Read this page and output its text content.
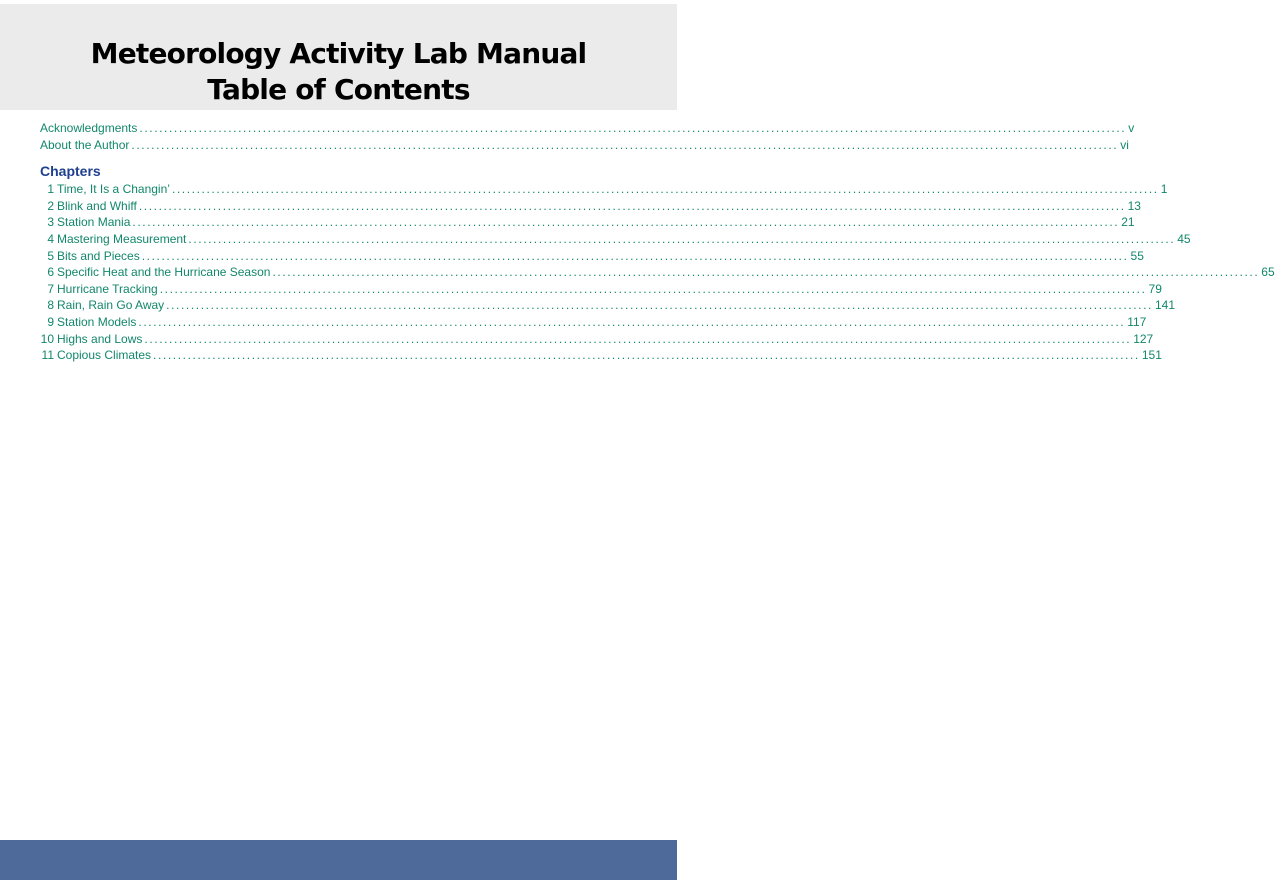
Meteorology Activity Lab Manual
Table of Contents
Acknowledgments ........................................................................................................................................................................................................ v
About the Author ........................................................................................................................................................................................................ vi
Chapters
1 Time, It Is a Changin’ ........................................................................................................................................................................................................ 1
2 Blink and Whiff ........................................................................................................................................................................................................ 13
3 Station Mania ........................................................................................................................................................................................................ 21
4 Mastering Measurement ........................................................................................................................................................................................................ 45
5 Bits and Pieces ........................................................................................................................................................................................................ 55
6 Specific Heat and the Hurricane Season ........................................................................................................................................................................................................ 65
7 Hurricane Tracking ........................................................................................................................................................................................................ 79
8 Rain, Rain Go Away ........................................................................................................................................................................................................ 141
9 Station Models ........................................................................................................................................................................................................ 117
10 Highs and Lows ........................................................................................................................................................................................................ 127
11 Copious Climates ........................................................................................................................................................................................................ 151
